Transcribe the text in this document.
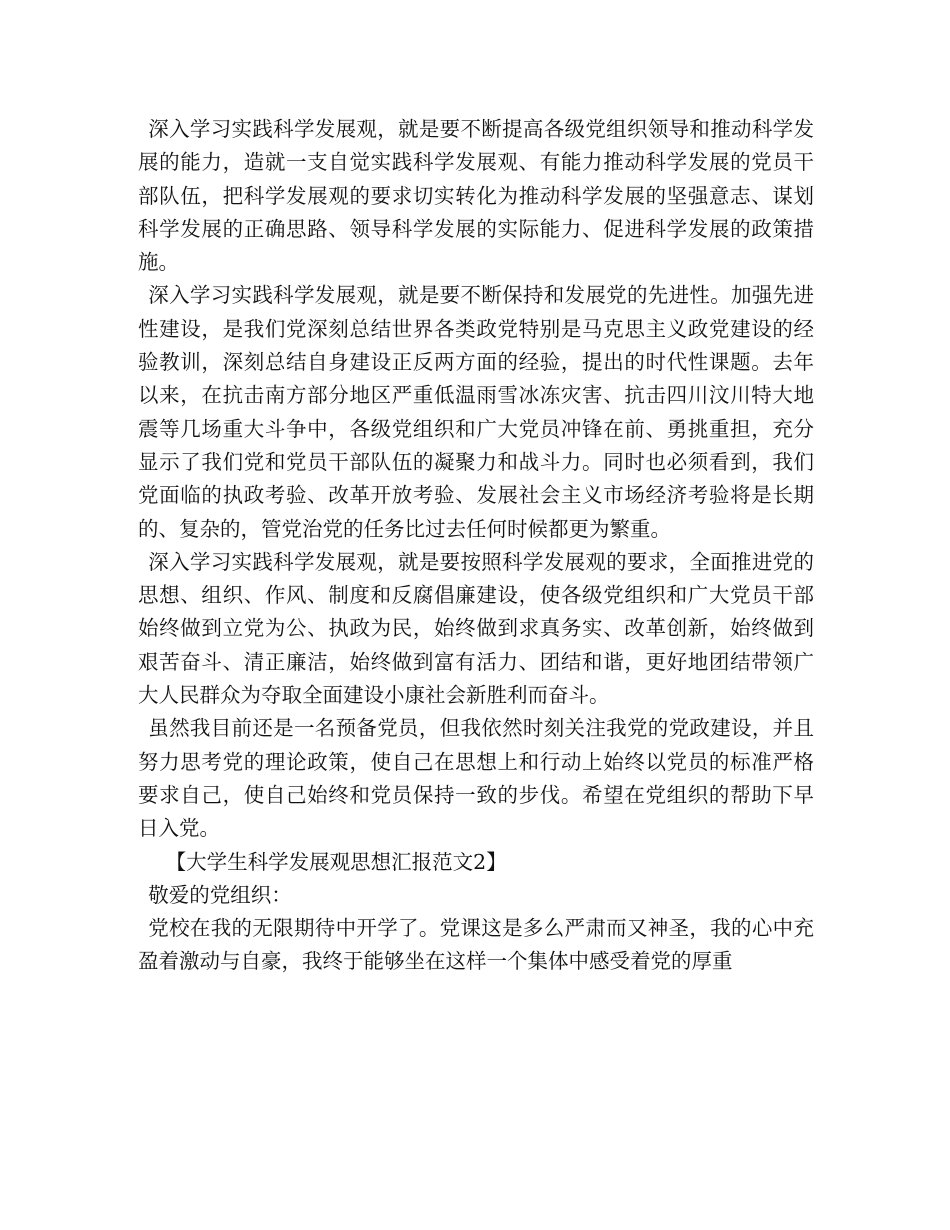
深入学习实践科学发展观，就是要不断提高各级党组织领导和推动科学发展的能力，造就一支自觉实践科学发展观、有能力推动科学发展的党员干部队伍，把科学发展观的要求切实转化为推动科学发展的坚强意志、谋划科学发展的正确思路、领导科学发展的实际能力、促进科学发展的政策措施。

深入学习实践科学发展观，就是要不断保持和发展党的先进性。加强先进性建设，是我们党深刻总结世界各类政党特别是马克思主义政党建设的经验教训，深刻总结自身建设正反两方面的经验，提出的时代性课题。去年以来，在抗击南方部分地区严重低温雨雪冰冻灾害、抗击四川汶川特大地震等几场重大斗争中，各级党组织和广大党员冲锋在前、勇挑重担，充分显示了我们党和党员干部队伍的凝聚力和战斗力。同时也必须看到，我们党面临的执政考验、改革开放考验、发展社会主义市场经济考验将是长期的、复杂的，管党治党的任务比过去任何时候都更为繁重。

深入学习实践科学发展观，就是要按照科学发展观的要求，全面推进党的思想、组织、作风、制度和反腐倡廉建设，使各级党组织和广大党员干部始终做到立党为公、执政为民，始终做到求真务实、改革创新，始终做到艰苦奋斗、清正廉洁，始终做到富有活力、团结和谐，更好地团结带领广大人民群众为夺取全面建设小康社会新胜利而奋斗。

虽然我目前还是一名预备党员，但我依然时刻关注我党的党政建设，并且努力思考党的理论政策，使自己在思想上和行动上始终以党员的标准严格要求自己，使自己始终和党员保持一致的步伐。希望在党组织的帮助下早日入党。

【大学生科学发展观思想汇报范文2】

敬爱的党组织：

党校在我的无限期待中开学了。党课这是多么严肃而又神圣，我的心中充盈着激动与自豪，我终于能够坐在这样一个集体中感受着党的厚重
